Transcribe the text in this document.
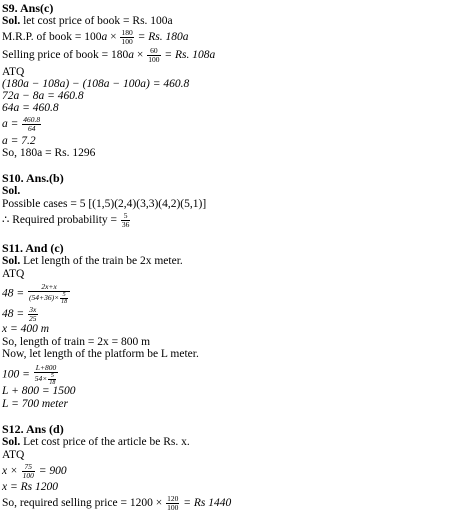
S9. Ans(c)
Sol. let cost price of book = Rs. 100a
M.R.P. of book = $100a \times \frac{180}{100} = Rs$. 180a
Selling price of book = $180a \times \frac{60}{100} = Rs$. 108a
ATQ
(180a − 108a) − (108a − 100a) = 460.8
72a − 8a = 460.8
64a = 460.8
$a = \frac{460.8}{64}$
a = 7.2
So, 180a = Rs. 1296
S10. Ans.(b)
Sol.
Possible cases = 5 [(1,5)(2,4)(3,3)(4,2)(5,1)]
∴ Required probability = $\frac{5}{36}$
S11. And (c)
Sol. Let length of the train be 2x meter.
ATQ
$48 = \frac{2x+x}{(54+36)\times \frac{5}{18}}$
$48 = \frac{3x}{25}$
x = 400 m
So, length of train = 2x = 800 m
Now, let length of the platform be L meter.
$100 = \frac{L+800}{54\times \frac{5}{18}}$
L + 800 = 1500
L = 700 meter
S12. Ans (d)
Sol. Let cost price of the article be Rs. x.
ATQ
$x \times \frac{75}{100} = 900$
x = Rs 1200
So, required selling price = $1200 \times \frac{120}{100} = Rs$ 1440
